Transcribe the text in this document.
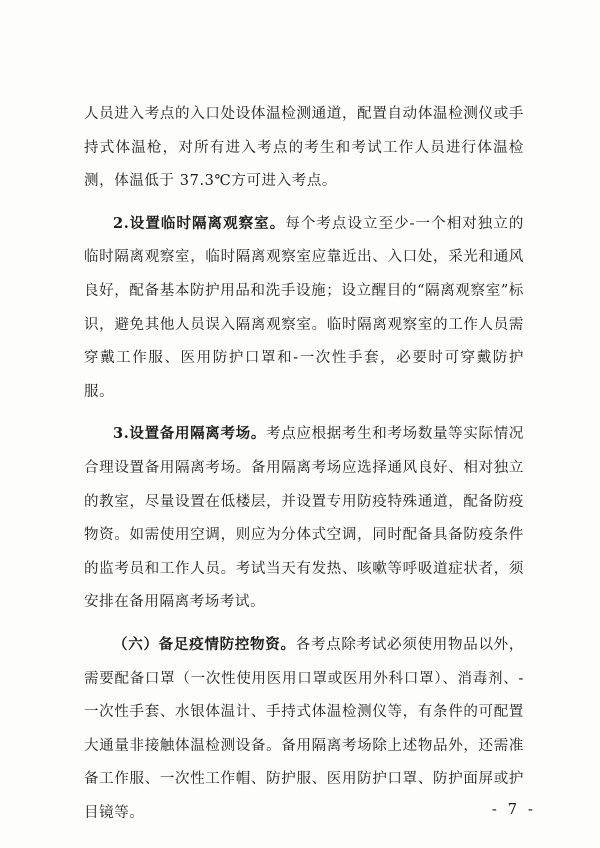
人员进入考点的入口处设体温检测通道，配置自动体温检测仪或手持式体温枪，对所有进入考点的考生和考试工作人员进行体温检测，体温低于 37.3℃方可进入考点。

2.设置临时隔离观察室。每个考点设立至少-一个相对独立的临时隔离观察室，临时隔离观察室应靠近出、入口处，采光和通风良好，配备基本防护用品和洗手设施；设立醒目的“隔离观察室”标识，避免其他人员误入隔离观察室。临时隔离观察室的工作人员需穿戴工作服、医用防护口罩和-一次性手套，必要时可穿戴防护服。

3.设置备用隔离考场。考点应根据考生和考场数量等实际情况合理设置备用隔离考场。备用隔离考场应选择通风良好、相对独立的教室，尽量设置在低楼层，并设置专用防疫特殊通道，配备防疫物资。如需使用空调，则应为分体式空调，同时配备具备防疫条件的监考员和工作人员。考试当天有发热、咳嗽等呼吸道症状者，须安排在备用隔离考场考试。

（六）备足疫情防控物资。各考点除考试必须使用物品以外，需要配备口罩（一次性使用医用口罩或医用外科口罩）、消毒剂、-一次性手套、水银体温计、手持式体温检测仪等，有条件的可配置大通量非接触体温检测设备。备用隔离考场除上述物品外，还需准备工作服、一次性工作帽、防护服、医用防护口罩、防护面屏或护目镜等。	- 7 -
